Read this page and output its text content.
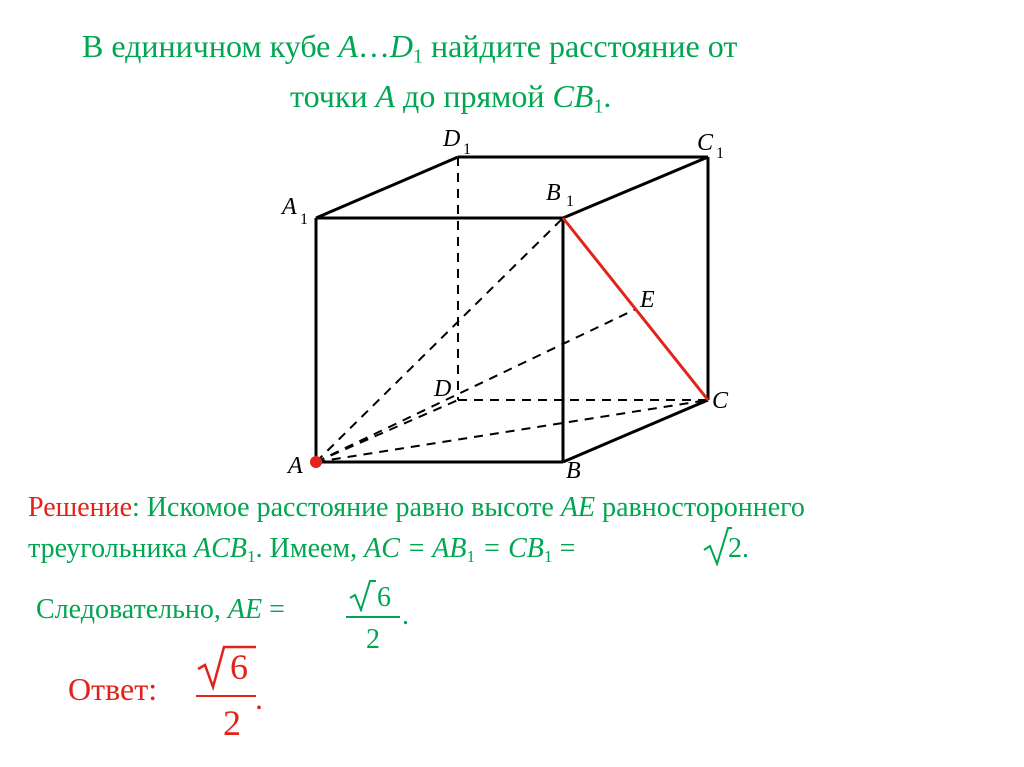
В единичном кубе $A\dots D_1$ найдите расстояние от
точки A до прямой $CB_1$.
A	B
C
D
E
A 1
B 1
C 1
D 1
Решение: Искомое расстояние равно высоте AE равностороннего
треугольника $ACB_1$. Имеем, AC = $AB_1 = CB_1$ =	2.
Следовательно, AE =	6
2
.
Ответ:
6
2
.
